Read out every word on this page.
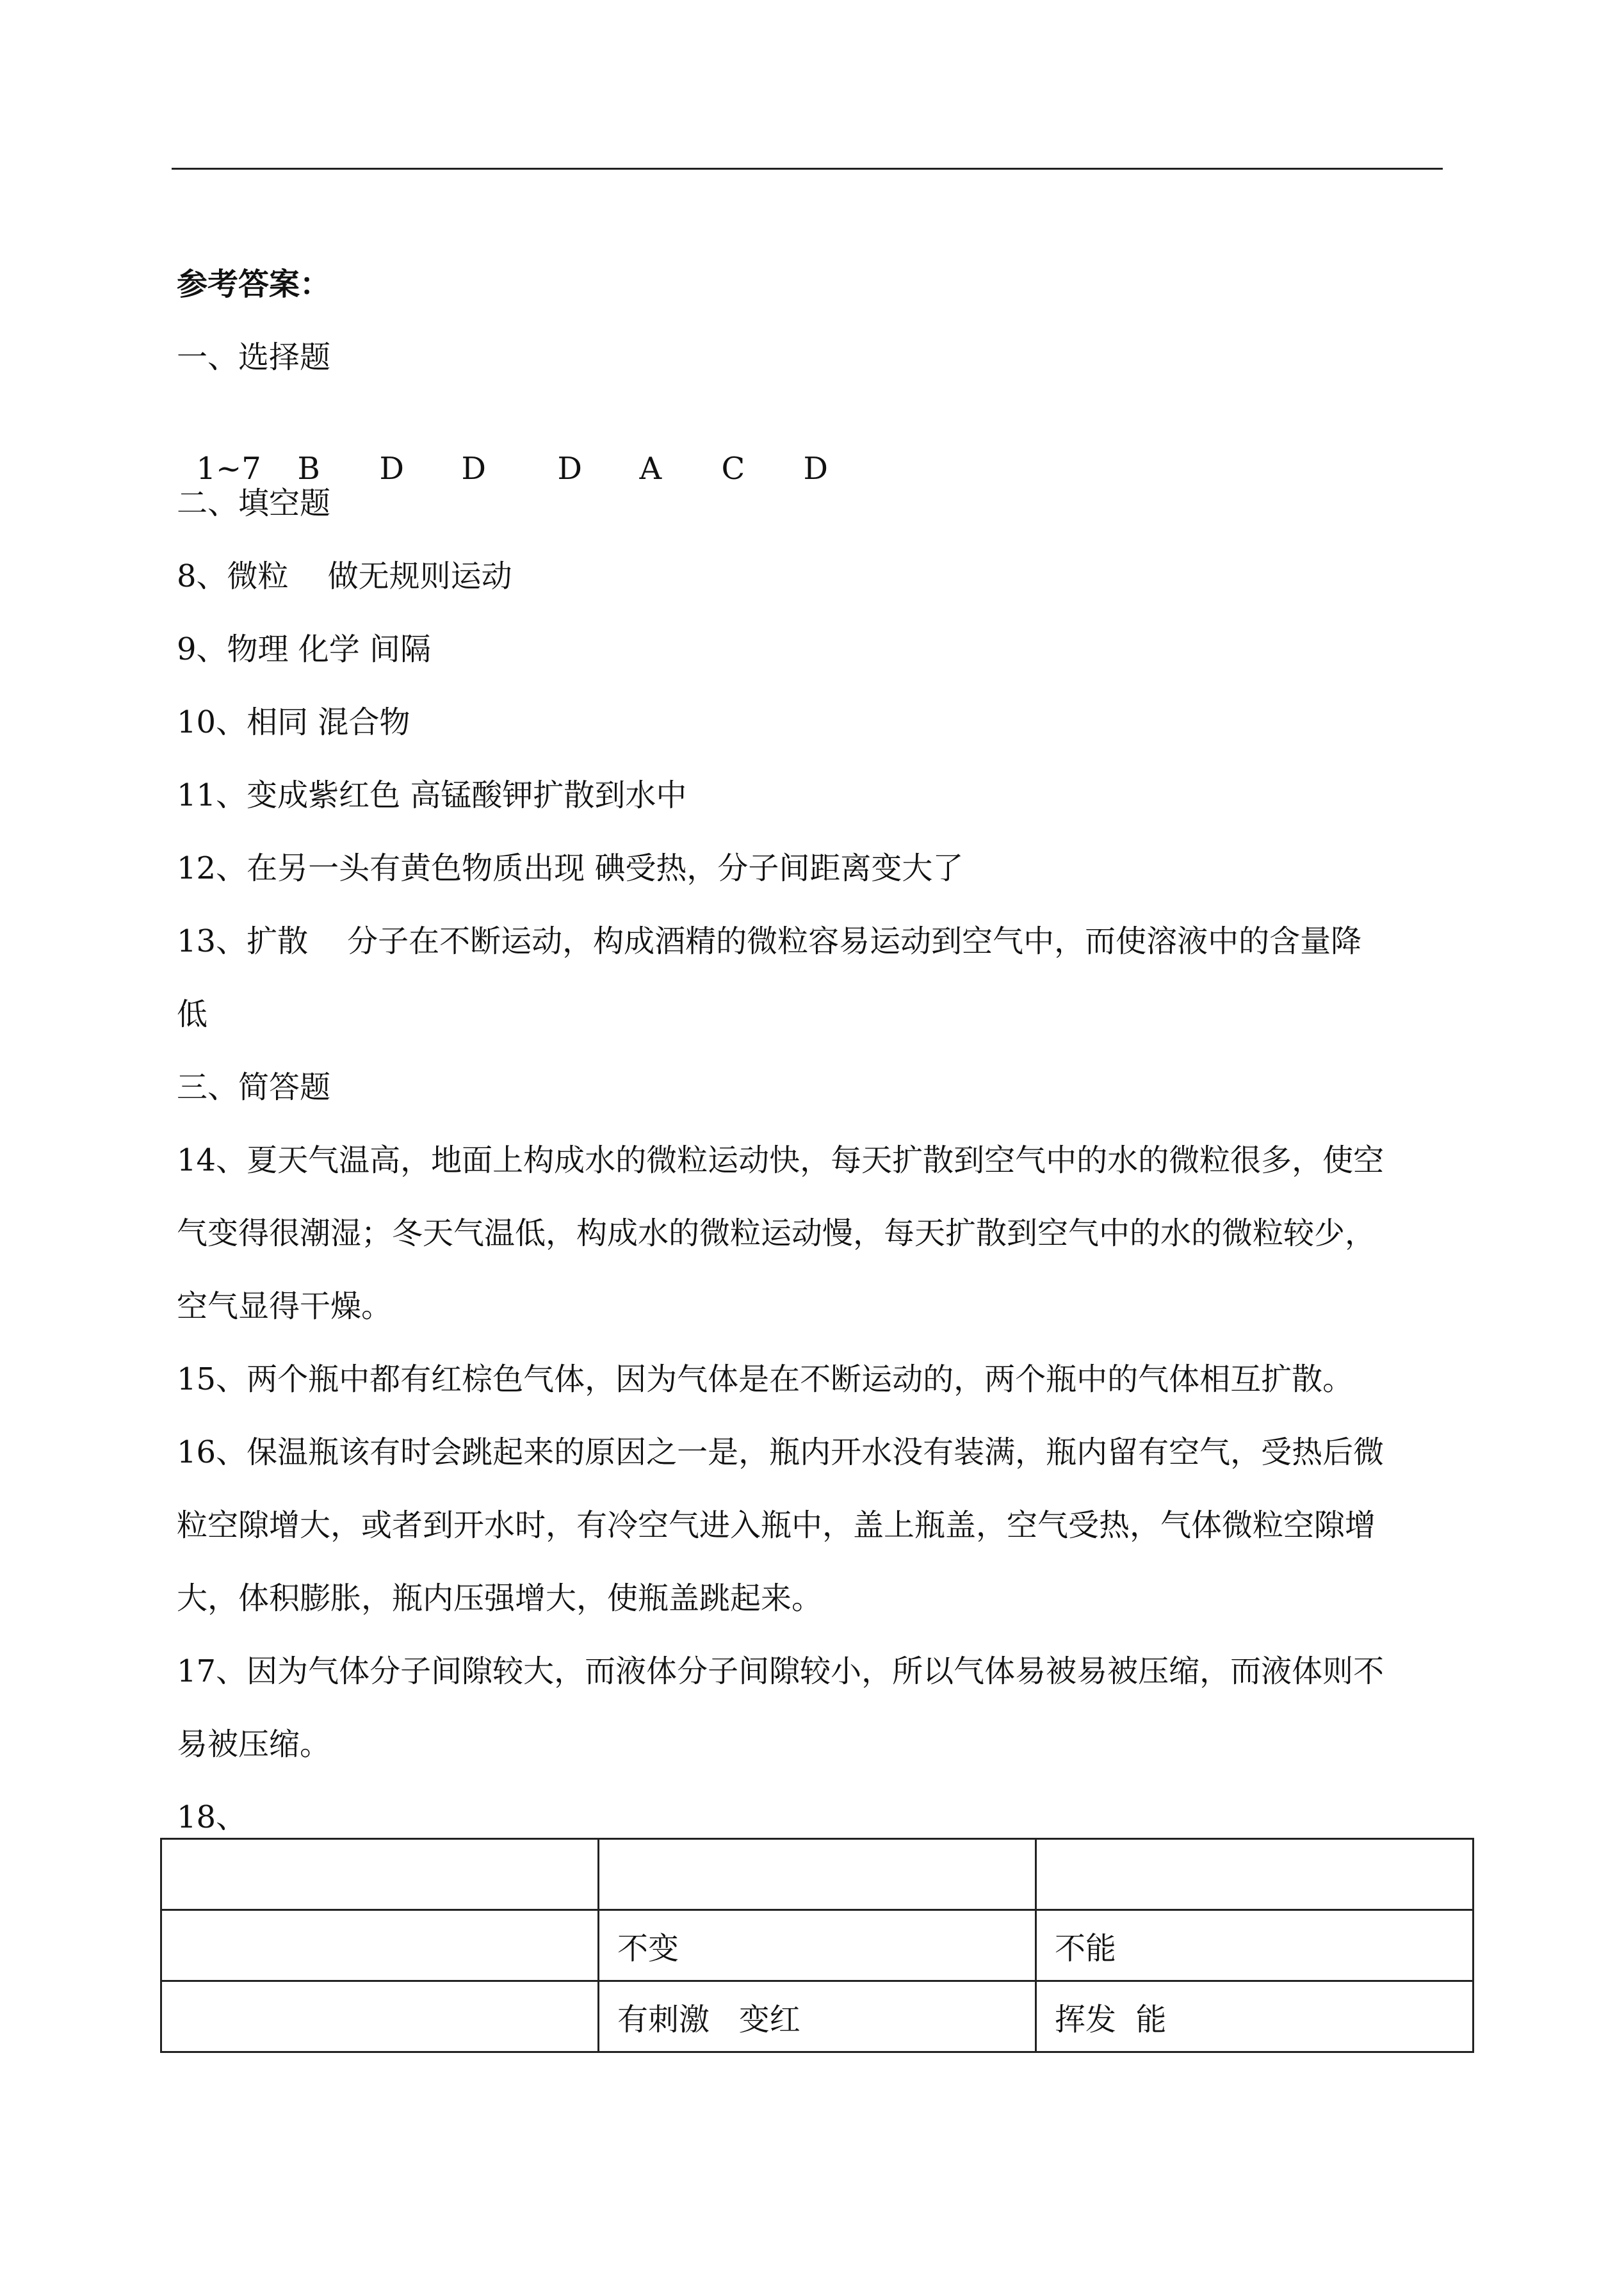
参考答案：
一、选择题

1~7 B D D D A C D

二、填空题
8、微粒    做无规则运动
9、物理 化学 间隔
10、相同 混合物
11、变成紫红色 高锰酸钾扩散到水中
12、在另一头有黄色物质出现 碘受热，分子间距离变大了
13、扩散    分子在不断运动，构成酒精的微粒容易运动到空气中，而使溶液中的含量降
低
三、简答题
14、夏天气温高，地面上构成水的微粒运动快，每天扩散到空气中的水的微粒很多，使空
气变得很潮湿；冬天气温低，构成水的微粒运动慢，每天扩散到空气中的水的微粒较少，
空气显得干燥。
15、两个瓶中都有红棕色气体，因为气体是在不断运动的，两个瓶中的气体相互扩散。
16、保温瓶该有时会跳起来的原因之一是，瓶内开水没有装满，瓶内留有空气，受热后微
粒空隙增大，或者到开水时，有冷空气进入瓶中，盖上瓶盖，空气受热，气体微粒空隙增
大，体积膨胀，瓶内压强增大，使瓶盖跳起来。
17、因为气体分子间隙较大，而液体分子间隙较小，所以气体易被易被压缩，而液体则不
易被压缩。
18、

	不变	不能
	有刺激   变红	挥发  能
